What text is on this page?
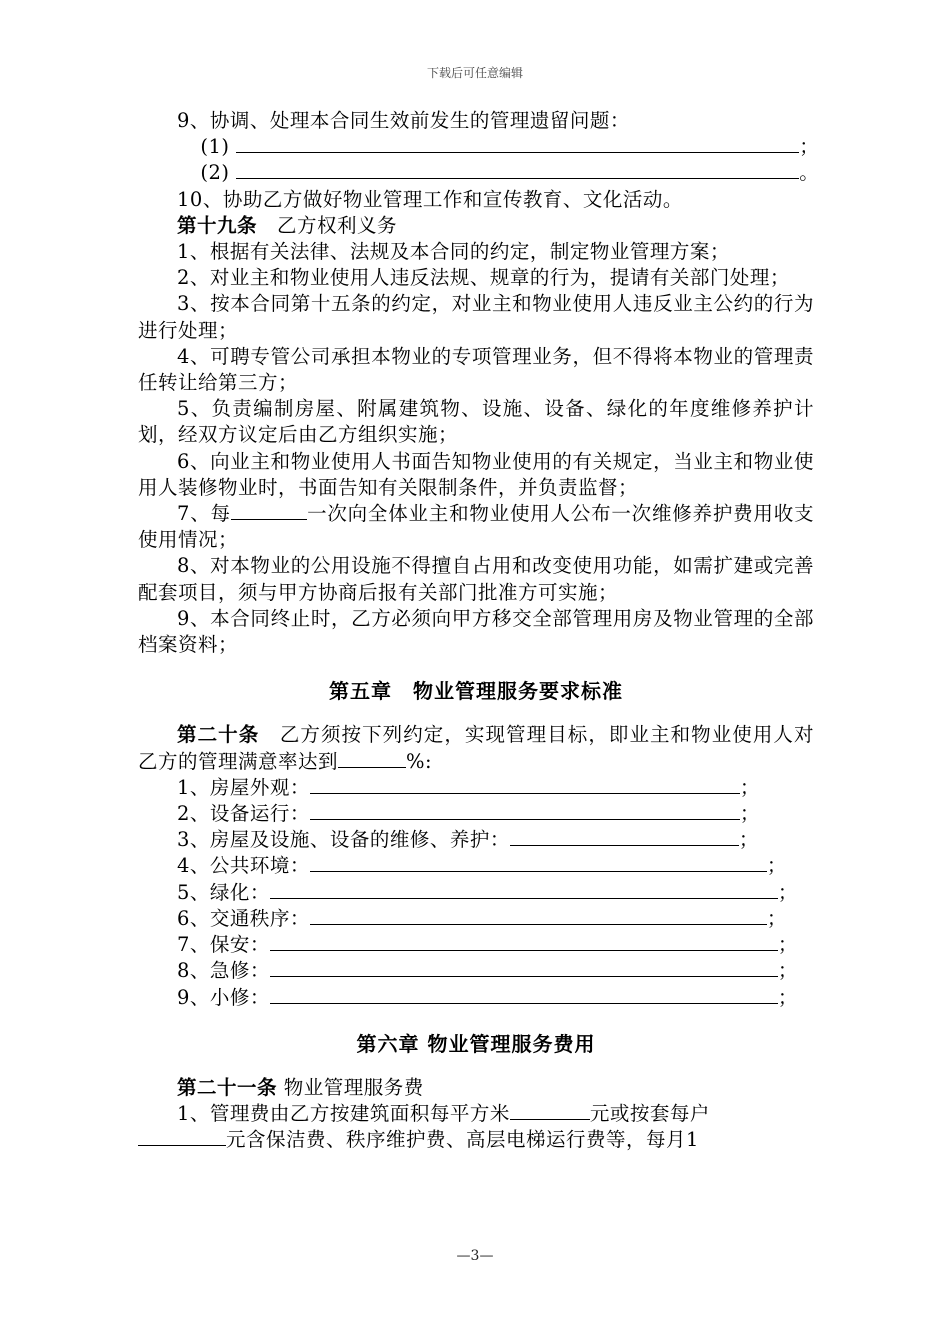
下载后可任意编辑

9、协调、处理本合同生效前发生的管理遗留问题：

(1)	；

(2)	。

10、协助乙方做好物业管理工作和宣传教育、文化活动。

第十九条　 乙方权利义务

1、根据有关法律、法规及本合同的约定，制定物业管理方案；

2、对业主和物业使用人违反法规、规章的行为，提请有关部门处理；

3、按本合同第十五条的约定，对业主和物业使用人违反业主公约的行为进行处理；

4、可聘专管公司承担本物业的专项管理业务，但不得将本物业的管理责任转让给第三方；

5、负责编制房屋、附属建筑物、设施、设备、绿化的年度维修养护计划，经双方议定后由乙方组织实施；

6、向业主和物业使用人书面告知物业使用的有关规定，当业主和物业使用人装修物业时，书面告知有关限制条件，并负责监督；

7、每	一次向全体业主和物业使用人公布一次维修养护费用收支使用情况；

8、对本物业的公用设施不得擅自占用和改变使用功能，如需扩建或完善配套项目，须与甲方协商后报有关部门批准方可实施；

9、本合同终止时，乙方必须向甲方移交全部管理用房及物业管理的全部档案资料；

第五章　物业管理服务要求标准

第二十条　 乙方须按下列约定，实现管理目标，即业主和物业使用人对乙方的管理满意率达到	%:

1、房屋外观：	；

2、设备运行：	；

3、房屋及设施、设备的维修、养护：	；

4、公共环境：	；

5、绿化：	；

6、交通秩序：	；

7、保安：	；

8、急修：	；

9、小修：	；

第六章 物业管理服务费用

第二十一条 物业管理服务费

1、管理费由乙方按建筑面积每平方米	元或按套每户

元含保洁费、秩序维护费、高层电梯运行费等，每月1

—3—
